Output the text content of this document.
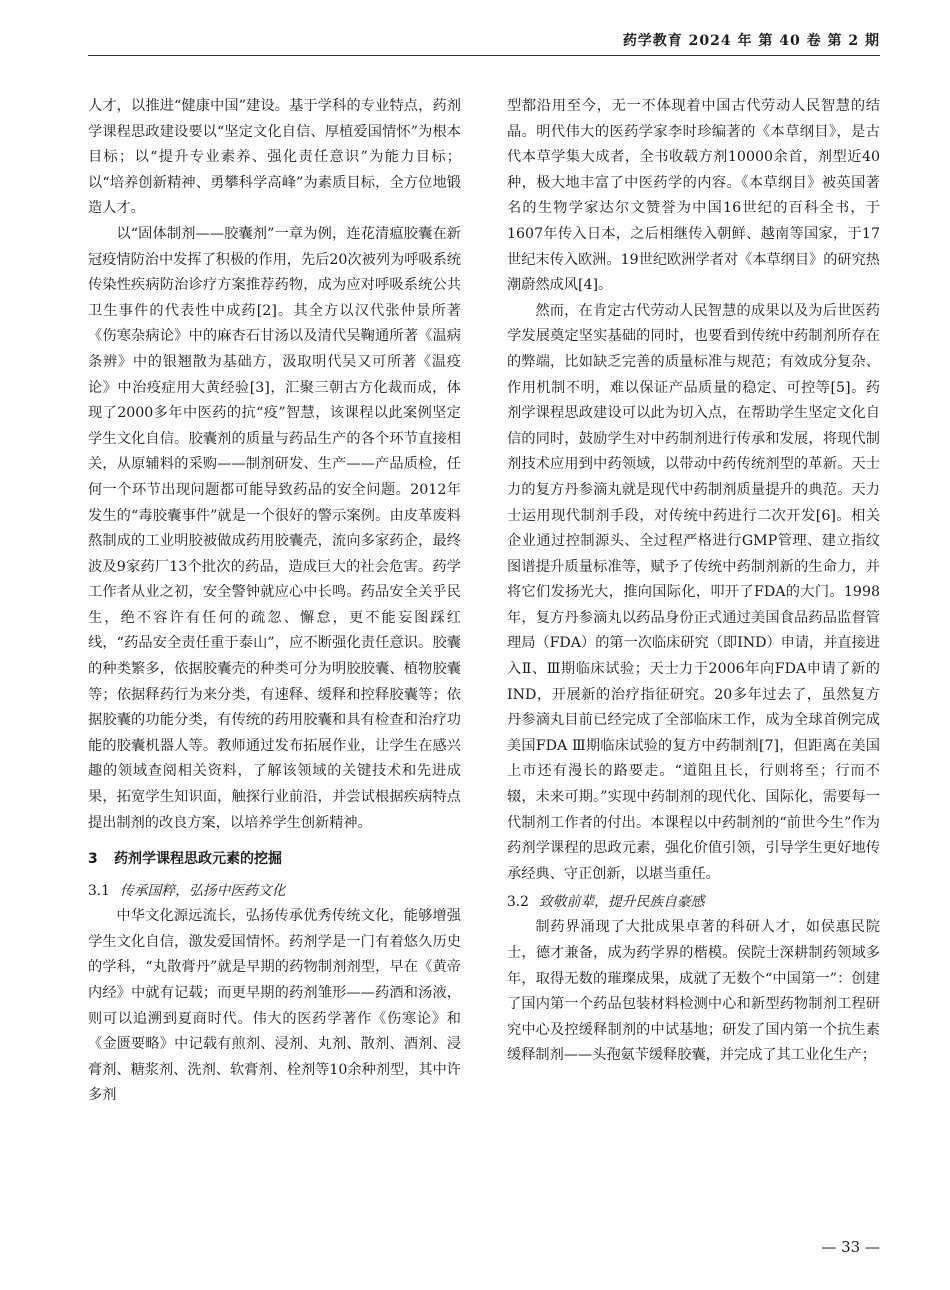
药学教育 2024 年 第 40 卷 第 2 期

人才，以推进“健康中国”建设。基于学科的专业特点，药剂学课程思政建设要以“坚定文化自信、厚植爱国情怀”为根本目标；以“提升专业素养、强化责任意识”为能力目标；以“培养创新精神、勇攀科学高峰”为素质目标，全方位地锻造人才。

以“固体制剂——胶囊剂”一章为例，连花清瘟胶囊在新冠疫情防治中发挥了积极的作用，先后20次被列为呼吸系统传染性疾病防治诊疗方案推荐药物，成为应对呼吸系统公共卫生事件的代表性中成药[2]。其全方以汉代张仲景所著《伤寒杂病论》中的麻杏石甘汤以及清代吴鞠通所著《温病条辨》中的银翘散为基础方，汲取明代吴又可所著《温疫论》中治疫症用大黄经验[3]，汇聚三朝古方化裁而成，体现了2000多年中医药的抗“疫”智慧，该课程以此案例坚定学生文化自信。胶囊剂的质量与药品生产的各个环节直接相关，从原辅料的采购——制剂研发、生产——产品质检，任何一个环节出现问题都可能导致药品的安全问题。2012年发生的“毒胶囊事件”就是一个很好的警示案例。由皮革废料熬制成的工业明胶被做成药用胶囊壳，流向多家药企，最终波及9家药厂13个批次的药品，造成巨大的社会危害。药学工作者从业之初，安全警钟就应心中长鸣。药品安全关乎民生，绝不容许有任何的疏忽、懈怠，更不能妄图踩红线，“药品安全责任重于泰山”，应不断强化责任意识。胶囊的种类繁多，依据胶囊壳的种类可分为明胶胶囊、植物胶囊等；依据释药行为来分类，有速释、缓释和控释胶囊等；依据胶囊的功能分类，有传统的药用胶囊和具有检查和治疗功能的胶囊机器人等。教师通过发布拓展作业，让学生在感兴趣的领域查阅相关资料，了解该领域的关键技术和先进成果，拓宽学生知识面，触探行业前沿，并尝试根据疾病特点提出制剂的改良方案，以培养学生创新精神。

3 药剂学课程思政元素的挖掘
3.1 传承国粹，弘扬中医药文化

中华文化源远流长，弘扬传承优秀传统文化，能够增强学生文化自信，激发爱国情怀。药剂学是一门有着悠久历史的学科，“丸散膏丹”就是早期的药物制剂剂型，早在《黄帝内经》中就有记载；而更早期的药剂雏形——药酒和汤液，则可以追溯到夏商时代。伟大的医药学著作《伤寒论》和《金匮要略》中记载有煎剂、浸剂、丸剂、散剂、酒剂、浸膏剂、糖浆剂、洗剂、软膏剂、栓剂等10余种剂型，其中许多剂

型都沿用至今，无一不体现着中国古代劳动人民智慧的结晶。明代伟大的医药学家李时珍编著的《本草纲目》，是古代本草学集大成者，全书收载方剂10000余首，剂型近40种，极大地丰富了中医药学的内容。《本草纲目》被英国著名的生物学家达尔文赞誉为中国16世纪的百科全书，于1607年传入日本，之后相继传入朝鲜、越南等国家，于17世纪末传入欧洲。19世纪欧洲学者对《本草纲目》的研究热潮蔚然成风[4]。

然而，在肯定古代劳动人民智慧的成果以及为后世医药学发展奠定坚实基础的同时，也要看到传统中药制剂所存在的弊端，比如缺乏完善的质量标准与规范；有效成分复杂、作用机制不明，难以保证产品质量的稳定、可控等[5]。药剂学课程思政建设可以此为切入点，在帮助学生坚定文化自信的同时，鼓励学生对中药制剂进行传承和发展，将现代制剂技术应用到中药领域，以带动中药传统剂型的革新。天士力的复方丹参滴丸就是现代中药制剂质量提升的典范。天力士运用现代制剂手段，对传统中药进行二次开发[6]。相关企业通过控制源头、全过程严格进行GMP管理、建立指纹图谱提升质量标准等，赋予了传统中药制剂新的生命力，并将它们发扬光大，推向国际化，叩开了FDA的大门。1998年，复方丹参滴丸以药品身份正式通过美国食品药品监督管理局（FDA）的第一次临床研究（即IND）申请，并直接进入Ⅱ、Ⅲ期临床试验；天士力于2006年向FDA申请了新的IND，开展新的治疗指征研究。20多年过去了，虽然复方丹参滴丸目前已经完成了全部临床工作，成为全球首例完成美国FDA Ⅲ期临床试验的复方中药制剂[7]，但距离在美国上市还有漫长的路要走。“道阻且长，行则将至；行而不辍，未来可期。”实现中药制剂的现代化、国际化，需要每一代制剂工作者的付出。本课程以中药制剂的“前世今生”作为药剂学课程的思政元素，强化价值引领，引导学生更好地传承经典、守正创新，以堪当重任。

3.2 致敬前辈，提升民族自豪感

制药界涌现了大批成果卓著的科研人才，如侯惠民院士，德才兼备，成为药学界的楷模。侯院士深耕制药领域多年，取得无数的璀璨成果，成就了无数个“中国第一”：创建了国内第一个药品包装材料检测中心和新型药物制剂工程研究中心及控缓释制剂的中试基地；研发了国内第一个抗生素缓释制剂——头孢氨苄缓释胶囊，并完成了其工业化生产；

— 33 —
